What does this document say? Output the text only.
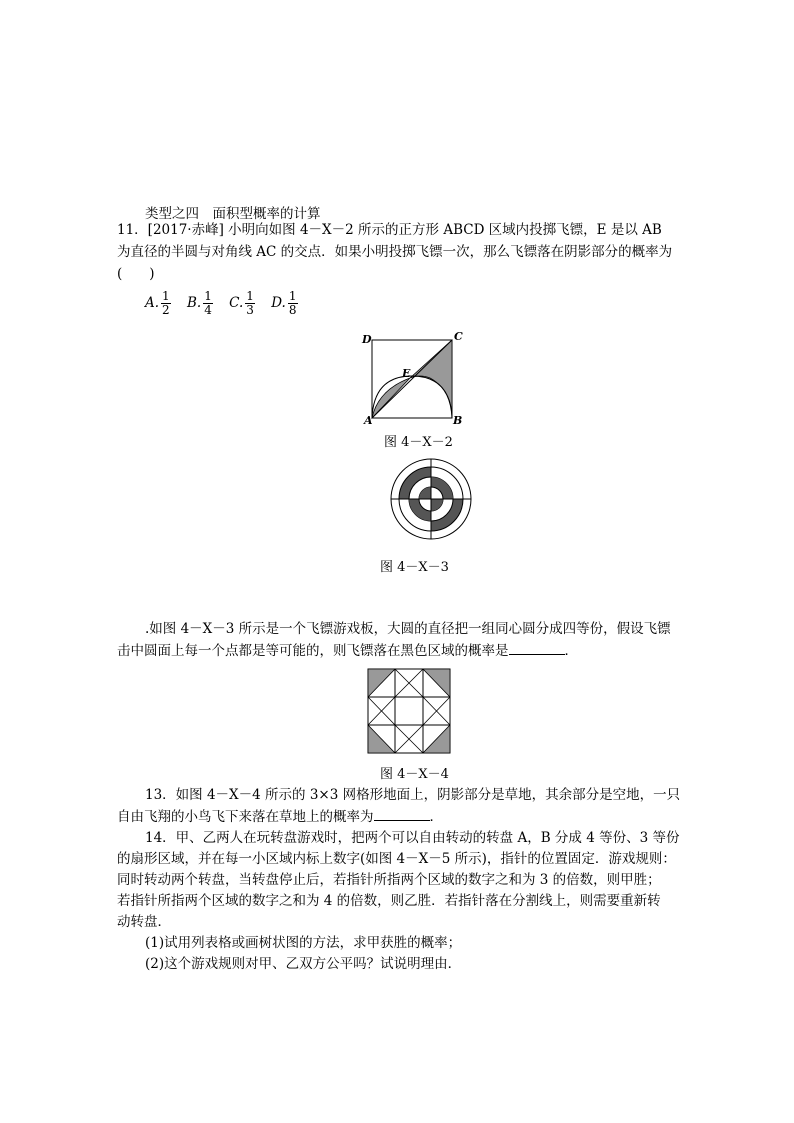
类型之四　面积型概率的计算
11．[2017·赤峰] 小明向如图 4－X－2 所示的正方形 ABCD 区域内投掷飞镖，E 是以 AB
为直径的半圆与对角线 AC 的交点．如果小明投掷飞镖一次，那么飞镖落在阴影部分的概率为
(　　)
A. $\frac{1}{2} B$. $\frac{1}{4} C$. $\frac{1}{3} D$. $\frac{1}{8}$
D	C
A	B
E
图 4－X－2
图 4－X－3
.如图 4－X－3 所示是一个飞镖游戏板，大圆的直径把一组同心圆分成四等份，假设飞镖
击中圆面上每一个点都是等可能的，则飞镖落在黑色区域的概率是	．
图 4－X－4
13．如图 4－X－4 所示的 3×3 网格形地面上，阴影部分是草地，其余部分是空地，一只
自由飞翔的小鸟飞下来落在草地上的概率为	．
14．甲、乙两人在玩转盘游戏时，把两个可以自由转动的转盘 A，B 分成 4 等份、3 等份
的扇形区域，并在每一小区域内标上数字(如图 4－X－5 所示)，指针的位置固定．游戏规则：
同时转动两个转盘，当转盘停止后，若指针所指两个区域的数字之和为 3 的倍数，则甲胜；
若指针所指两个区域的数字之和为 4 的倍数，则乙胜．若指针落在分割线上，则需要重新转
动转盘．
(1)试用列表格或画树状图的方法，求甲获胜的概率；
(2)这个游戏规则对甲、乙双方公平吗？试说明理由．
